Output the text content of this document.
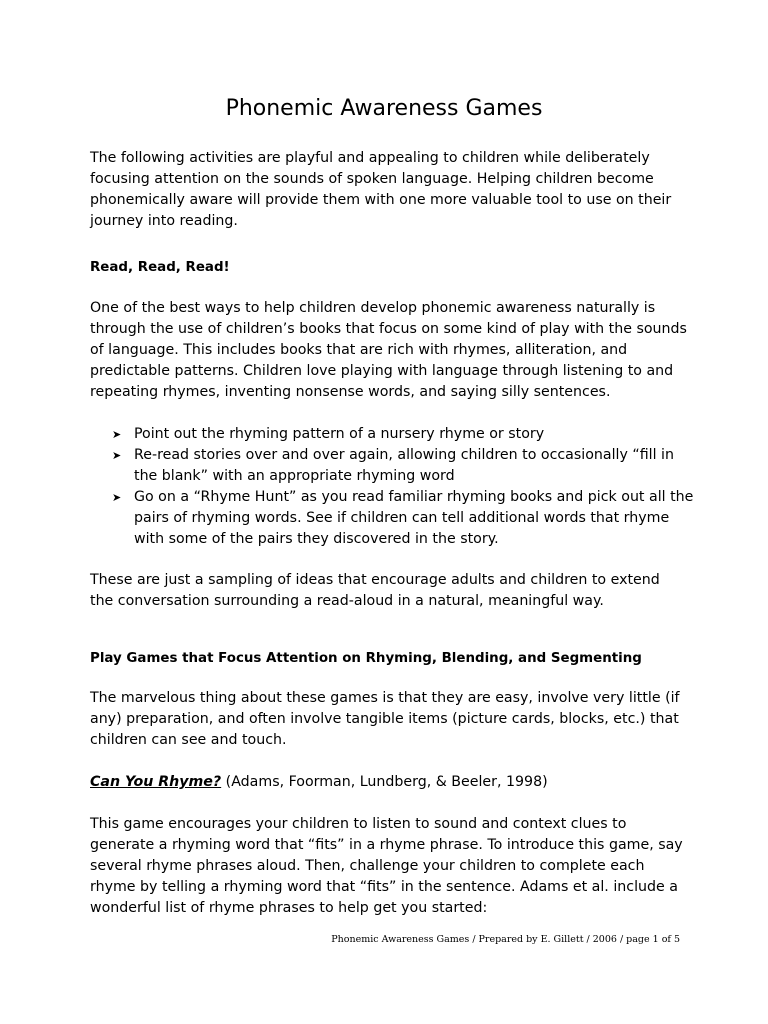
Phonemic Awareness Games

The following activities are playful and appealing to children while deliberately
focusing attention on the sounds of spoken language. Helping children become
phonemically aware will provide them with one more valuable tool to use on their
journey into reading.

Read, Read, Read!

One of the best ways to help children develop phonemic awareness naturally is
through the use of children’s books that focus on some kind of play with the sounds
of language. This includes books that are rich with rhymes, alliteration, and
predictable patterns. Children love playing with language through listening to and
repeating rhymes, inventing nonsense words, and saying silly sentences.

➤ Point out the rhyming pattern of a nursery rhyme or story
➤ Re-read stories over and over again, allowing children to occasionally “fill in
the blank” with an appropriate rhyming word
➤ Go on a “Rhyme Hunt” as you read familiar rhyming books and pick out all the
pairs of rhyming words. See if children can tell additional words that rhyme
with some of the pairs they discovered in the story.

These are just a sampling of ideas that encourage adults and children to extend
the conversation surrounding a read-aloud in a natural, meaningful way.

Play Games that Focus Attention on Rhyming, Blending, and Segmenting

The marvelous thing about these games is that they are easy, involve very little (if
any) preparation, and often involve tangible items (picture cards, blocks, etc.) that
children can see and touch.

Can You Rhyme? (Adams, Foorman, Lundberg, & Beeler, 1998)

This game encourages your children to listen to sound and context clues to
generate a rhyming word that “fits” in a rhyme phrase. To introduce this game, say
several rhyme phrases aloud. Then, challenge your children to complete each
rhyme by telling a rhyming word that “fits” in the sentence. Adams et al. include a
wonderful list of rhyme phrases to help get you started:

Phonemic Awareness Games / Prepared by E. Gillett / 2006 / page 1 of 5
